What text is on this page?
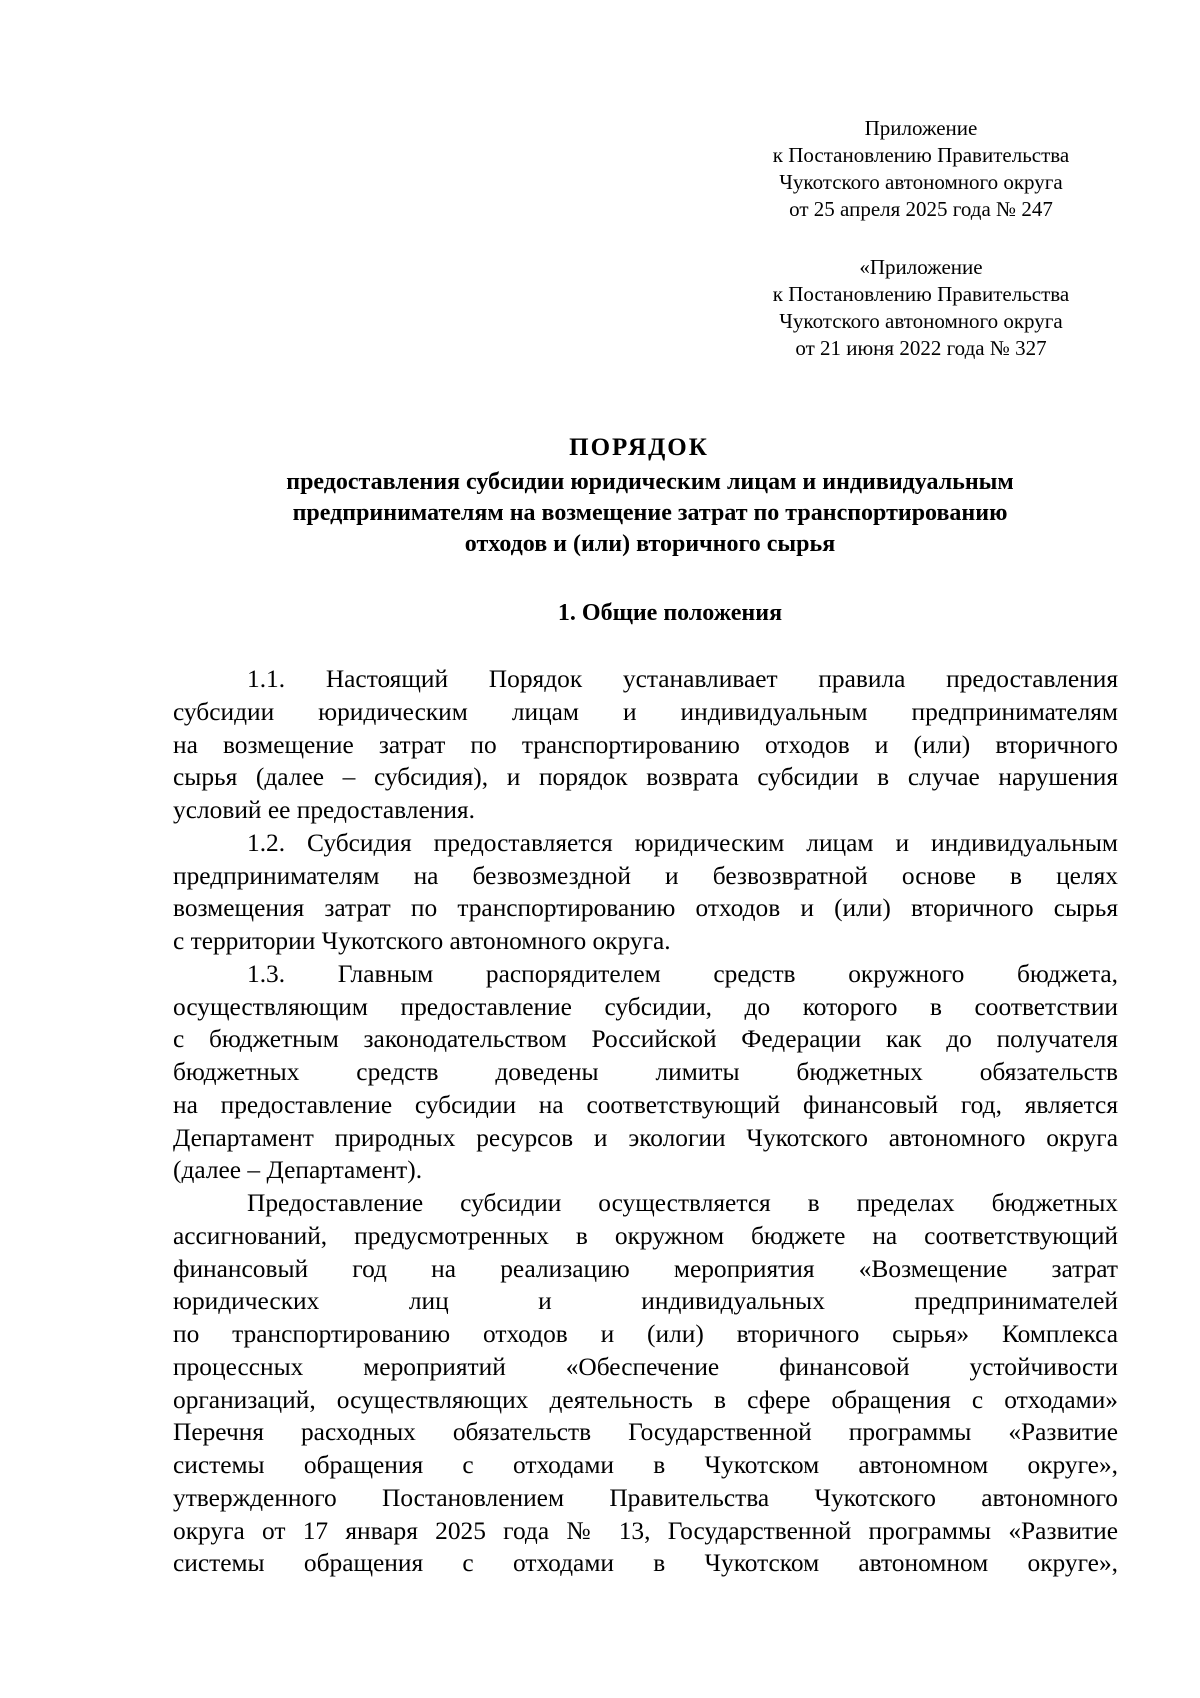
Приложение
к Постановлению Правительства
Чукотского автономного округа
от 25 апреля 2025 года № 247
«Приложение
к Постановлению Правительства
Чукотского автономного округа
от 21 июня 2022 года № 327
ПОРЯДОК
предоставления субсидии юридическим лицам и индивидуальным
предпринимателям на возмещение затрат по транспортированию
отходов и (или) вторичного сырья
1. Общие положения
1.1. Настоящий Порядок устанавливает правила предоставления
субсидии юридическим лицам и индивидуальным предпринимателям
на возмещение затрат по транспортированию отходов и (или) вторичного
сырья (далее – субсидия), и порядок возврата субсидии в случае нарушения
условий ее предоставления.
1.2. Субсидия предоставляется юридическим лицам и индивидуальным
предпринимателям на безвозмездной и безвозвратной основе в целях
возмещения затрат по транспортированию отходов и (или) вторичного сырья
с территории Чукотского автономного округа.
1.3. Главным распорядителем средств окружного бюджета,
осуществляющим предоставление субсидии, до которого в соответствии
с бюджетным законодательством Российской Федерации как до получателя
бюджетных средств доведены лимиты бюджетных обязательств
на предоставление субсидии на соответствующий финансовый год, является
Департамент природных ресурсов и экологии Чукотского автономного округа
(далее – Департамент).
Предоставление субсидии осуществляется в пределах бюджетных
ассигнований, предусмотренных в окружном бюджете на соответствующий
финансовый год на реализацию мероприятия «Возмещение затрат
юридических лиц и индивидуальных предпринимателей
по транспортированию отходов и (или) вторичного сырья» Комплекса
процессных мероприятий «Обеспечение финансовой устойчивости
организаций, осуществляющих деятельность в сфере обращения с отходами»
Перечня расходных обязательств Государственной программы «Развитие
системы обращения с отходами в Чукотском автономном округе»,
утвержденного Постановлением Правительства Чукотского автономного
округа от 17 января 2025 года № 13, Государственной программы «Развитие
системы обращения с отходами в Чукотском автономном округе»,
